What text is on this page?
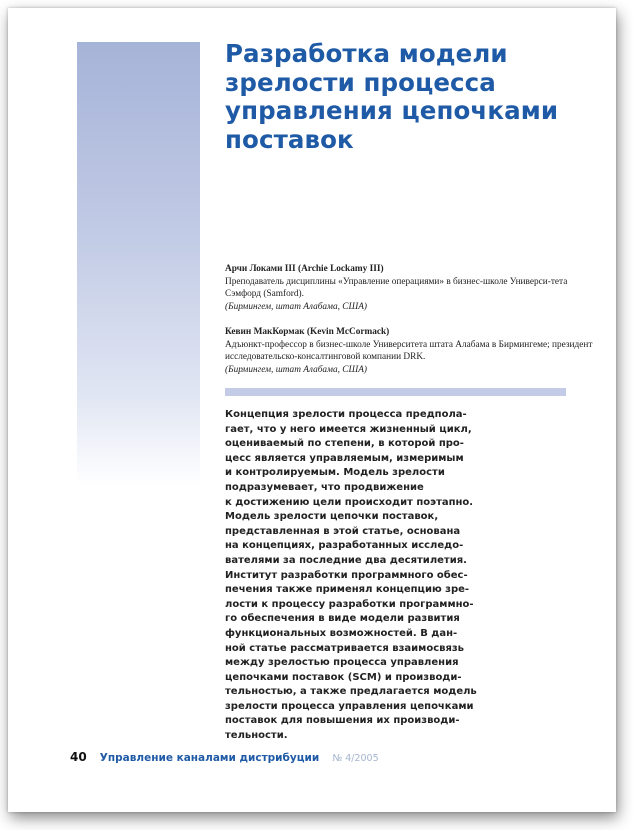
Разработка модели
зрелости процесса
управления цепочками
поставок
Арчи Локами III (Archie Lockamy III)
Преподаватель дисциплины «Управление операциями» в бизнес-школе Универси-тета Сэмфорд (Samford).
(Бирмингем, штат Алабама, США)
Кевин МакКормак (Kevin McCormack)
Адъюнкт-профессор в бизнес-школе Университета штата Алабама в Бирмингеме; президент исследовательско-консалтинговой компании DRK.
(Бирмингем, штат Алабама, США)

Концепция зрелости процесса предпола-
гает, что у него имеется жизненный цикл,
оцениваемый по степени, в которой про-
цесс является управляемым, измеримым
и контролируемым. Модель зрелости
подразумевает, что продвижение
к достижению цели происходит поэтапно.
Модель зрелости цепочки поставок,
представленная в этой статье, основана
на концепциях, разработанных исследо-
вателями за последние два десятилетия.
Институт разработки программного обес-
печения также применял концепцию зре-
лости к процессу разработки программно-
го обеспечения в виде модели развития
функциональных возможностей. В дан-
ной статье рассматривается взаимосвязь
между зрелостью процесса управления
цепочками поставок (SCM) и производи-
тельностью, а также предлагается модель
зрелости процесса управления цепочками
поставок для повышения их производи-
тельности.

40 Управление каналами дистрибуции № 4/2005
